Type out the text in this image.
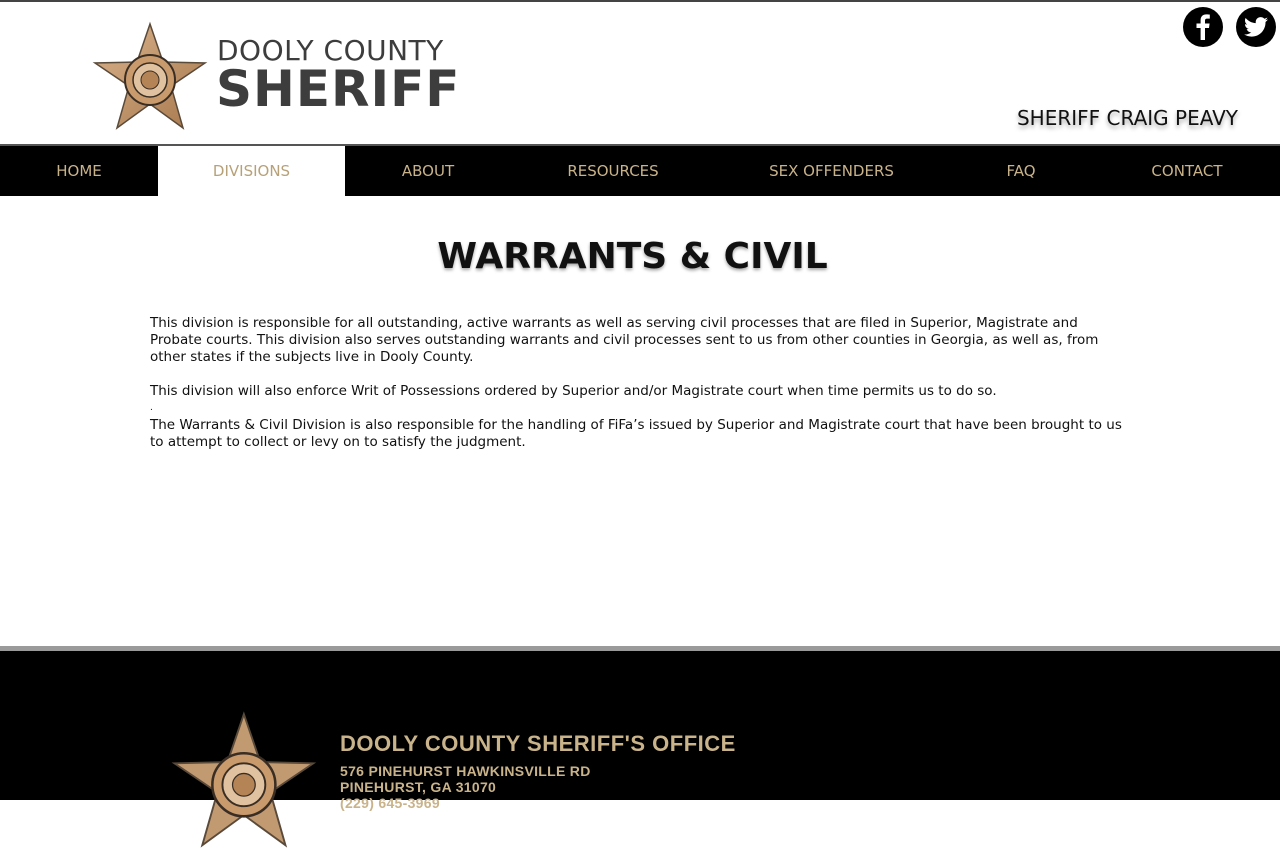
DOOLY COUNTY
SHERIFF	SHERIFF CRAIG PEAVY
HOME	DIVISIONS	ABOUT	RESOURCES	SEX OFFENDERS	FAQ	CONTACT
WARRANTS & CIVIL

This division is responsible for all outstanding, active warrants as well as serving civil processes that are filed in Superior, Magistrate and Probate courts. This division also serves outstanding warrants and civil processes sent to us from other counties in Georgia, as well as, from other states if the subjects live in Dooly County.

This division will also enforce Writ of Possessions ordered by Superior and/or Magistrate court when time permits us to do so.

.

The Warrants & Civil Division is also responsible for the handling of FiFa’s issued by Superior and Magistrate court that have been brought to us to attempt to collect or levy on to satisfy the judgment.

DOOLY COUNTY SHERIFF'S OFFICE
576 PINEHURST HAWKINSVILLE RD
PINEHURST, GA 31070
(229) 645-3969
